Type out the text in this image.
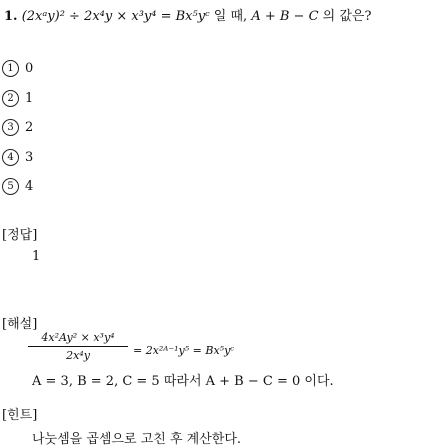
1. (2xᵃy)² ÷ 2x⁴y × x³y⁴ = Bx⁵yᶜ 일 때, A + B − C 의 값은?
1 0
2 1
3 2
4 3
5 4
[정답]
1
[해설]
4x²Ay² × x³y⁴
2x⁴y	= 2x²ᴬ⁻¹y⁵ = Bx⁵yᶜ
A = 3, B = 2, C = 5 따라서 A + B − C = 0 이다.
[힌트]
나눗셈을 곱셈으로 고친 후 계산한다.
